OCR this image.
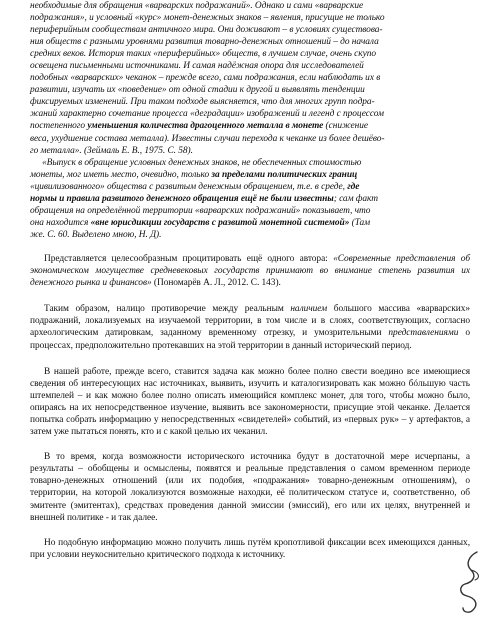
необходимые для обращения «варварских подражаний». Однако и сами «варварские
подражания», и условный «курс» монет-денежных знаков – явления, присущие не только
периферийным сообществам античного мира. Они доживают – в условиях существова-
ния обществ с разными уровнями развития товарно-денежных отношений – до начала
средних веков. История таких «периферийных» обществ, в лучшем случае, очень скупо
освещена письменными источниками. И самая надёжная опора для исследователей
подобных «варварских» чеканок – прежде всего, сами подражания, если наблюдать их в
развитии, изучать их «поведение» от одной стадии к другой и выявлять тенденции
фиксируемых изменений. При таком подходе выясняется, что для многих групп подра-
жаний характерно сочетание процесса «деградации» изображений и легенд с процессом
постепенного уменьшения количества драгоценного металла в монете (снижение
веса, ухудшение состава металла). Известны случаи перехода к чеканке из более дешёво-
го металла». (Зеймаль Е. В., 1975. С. 58).
«Выпуск в обращение условных денежных знаков, не обеспеченных стоимостью
монеты, мог иметь место, очевидно, только за пределами политических границ
«цивилизованного» общества с развитым денежным обращением, т.е. в среде, где
нормы и правила развитого денежного обращения ещё не были известны; сам факт
обращения на определённой территории «варварских подражаний» показывает, что
она находится «вне юрисдикции государств с развитой монетной системой» (Там
же. С. 60. Выделено мною, Н. Д).

Представляется целесообразным процитировать ещё одного автора: «Современные представления об экономическом могуществе средневековых государств принимают во внимание степень развития их денежного рынка и финансов» (Пономарёв А. Л., 2012. С. 143).

Таким образом, налицо противоречие между реальным наличием большого массива «варварских» подражаний, локализуемых на изучаемой территории, в том числе и в слоях, соответствующих, согласно археологическим датировкам, заданному временному отрезку, и умозрительными представлениями о процессах, предположительно протекавших на этой территории в данный исторический период.

В нашей работе, прежде всего, ставится задача как можно более полно свести воедино все имеющиеся сведения об интересующих нас источниках, выявить, изучить и каталогизировать как можно бóльшую часть штемпелей – и как можно более полно описать имеющийся комплекс монет, для того, чтобы можно было, опираясь на их непосредственное изучение, выявить все закономерности, присущие этой чеканке. Делается попытка собрать информацию у непосредственных «свидетелей» событий, из «первых рук» – у артефактов, а затем уже пытаться понять, кто и с какой целью их чеканил.

В то время, когда возможности исторического источника будут в достаточной мере исчерпаны, а результаты – обобщены и осмыслены, появятся и реальные представления о самом временном периоде товарно-денежных отношений (или их подобия, «подражания» товарно-денежным отношениям), о территории, на которой локализуются возможные находки, её политическом статусе и, соответственно, об эмитенте (эмитентах), средствах проведения данной эмиссии (эмиссий), его или их целях, внутренней и внешней политике - и так далее.

Но подобную информацию можно получить лишь путём кропотливой фиксации всех имеющихся данных, при условии неукоснительно критического подхода к источнику.
